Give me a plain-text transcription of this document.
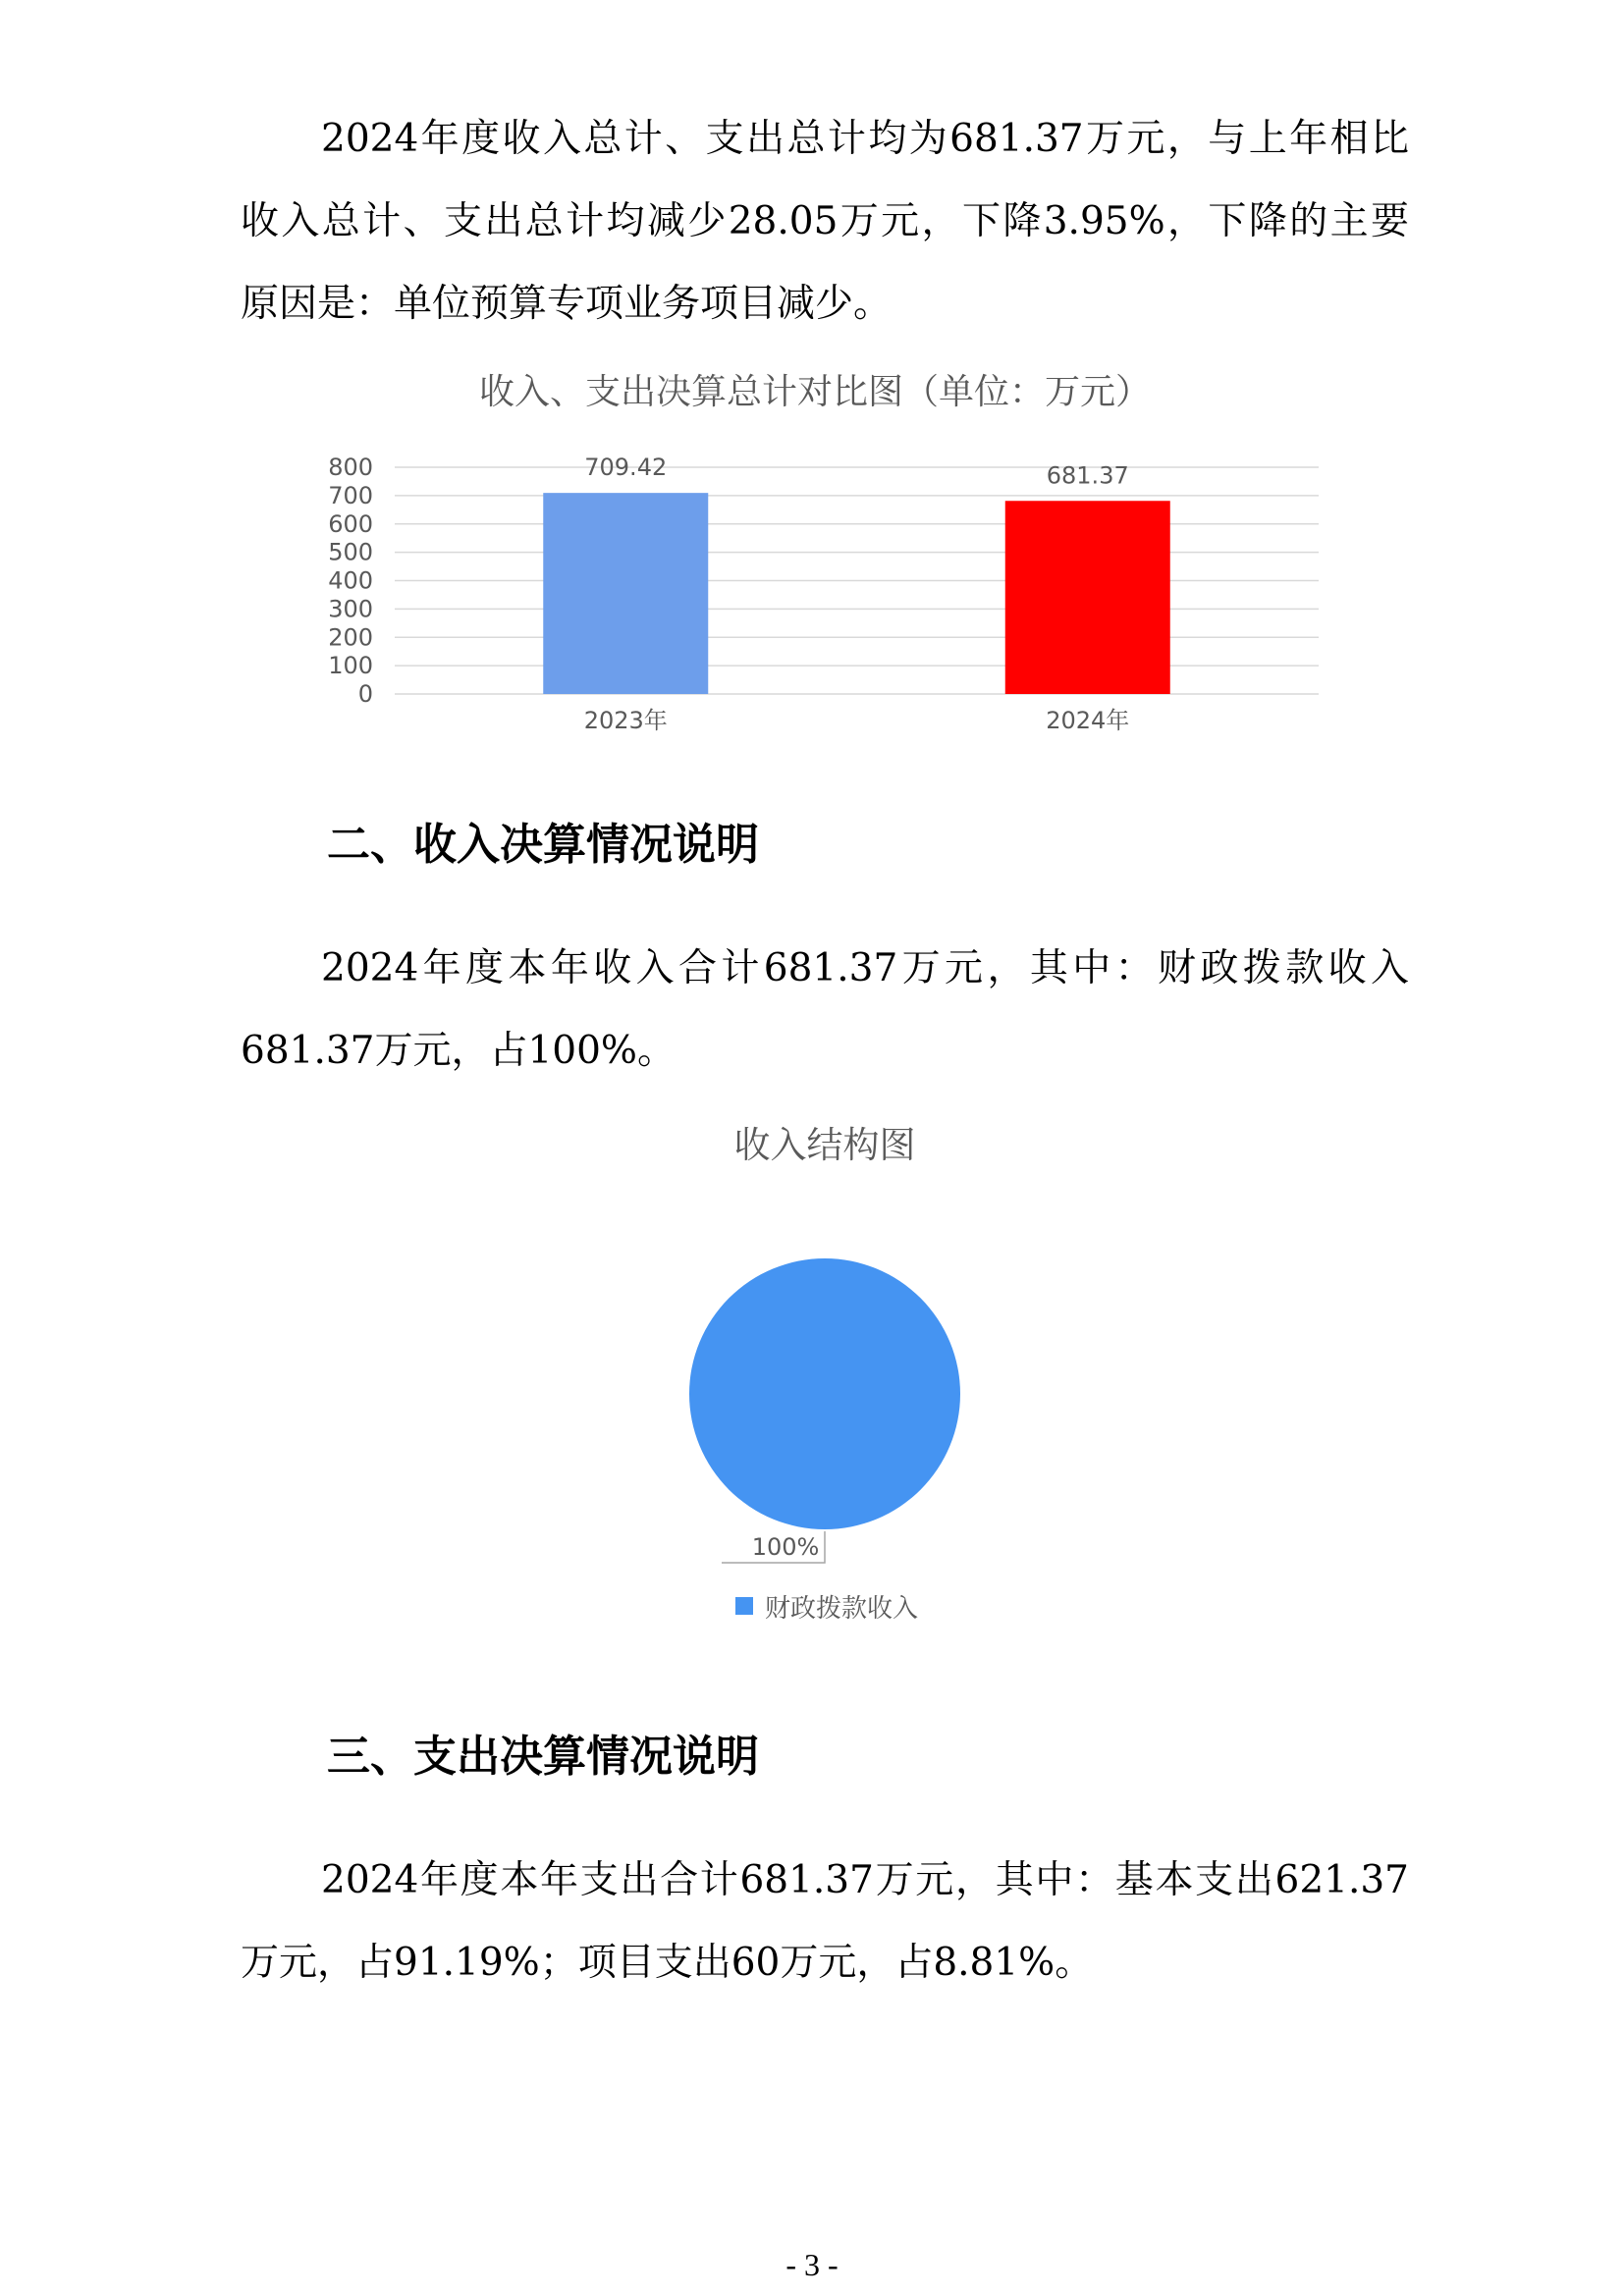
2024年度收入总计、支出总计均为681.37万元，与上年相比
收入总计、支出总计均减少28.05万元，下降3.95%，下降的主要
原因是：单位预算专项业务项目减少。
收入、支出决算总计对比图（单位：万元）
0
100
200
300
400
500
600
700
800	709.42
2023年
681.37
2024年
二、收入决算情况说明
2024年度本年收入合计681.37万元，其中：财政拨款收入
681.37万元，占100%。
收入结构图
100%
财政拨款收入
三、支出决算情况说明
2024年度本年支出合计681.37万元，其中：基本支出621.37
万元，占91.19%；项目支出60万元，占8.81%。
- 3 -
